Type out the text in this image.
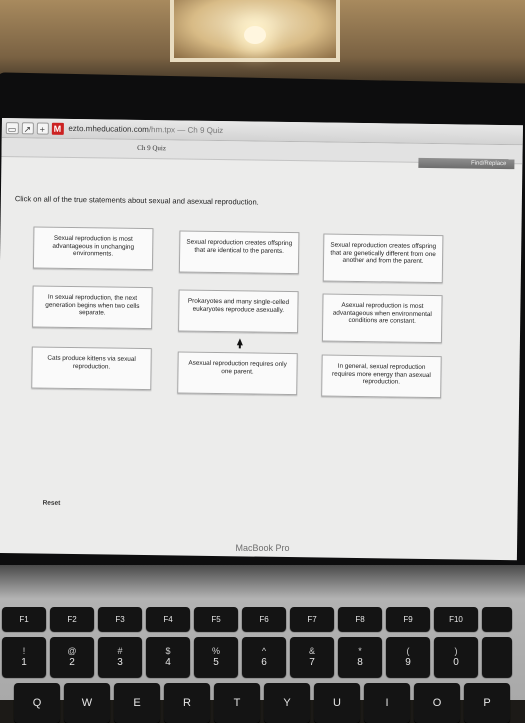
▭ ↗ + M ezto.mheducation.com/hm.tpx — Ch 9 Quiz
Ch 9 Quiz
Find/Replace
Click on all of the true statements about sexual and asexual reproduction.
Sexual reproduction is most advantageous in unchanging environments.
Sexual reproduction creates offspring that are identical to the parents.
Sexual reproduction creates offspring that are genetically different from one another and from the parent.
In sexual reproduction, the next generation begins when two cells separate.
Prokaryotes and many single-celled eukaryotes reproduce asexually.	Asexual reproduction is most advantageous when environmental conditions are constant.
Cats produce kittens via sexual reproduction.	Asexual reproduction requires only one parent.
In general, sexual reproduction requires more energy than asexual reproduction.
Reset
MacBook Pro
F1	F2	F3	F4	F5	F6	F7	F8	F9	F10
!
1
@
2
#
3
$
4
%
5
^
6
&
7
*
8
(
9
)
0
Q	W	E	R	T	Y	U	I	O	P
